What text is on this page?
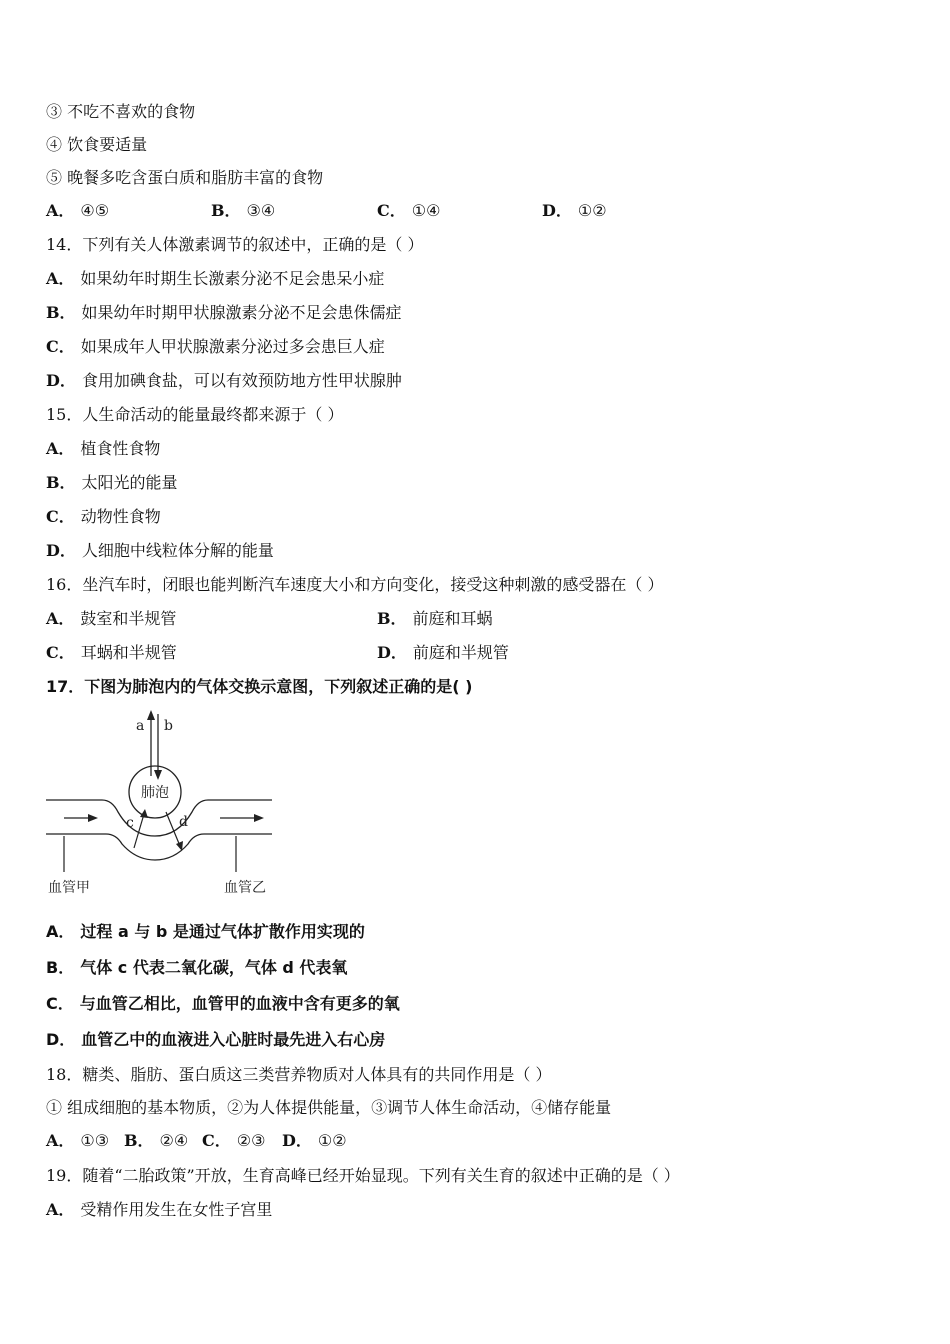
③ 不吃不喜欢的食物
④ 饮食要适量
⑤ 晚餐多吃含蛋白质和脂肪丰富的食物
A． ④⑤	B． ③④	C． ①④	D． ①②
14．下列有关人体激素调节的叙述中，正确的是（ ）
A． 如果幼年时期生长激素分泌不足会患呆小症
B． 如果幼年时期甲状腺激素分泌不足会患侏儒症
C． 如果成年人甲状腺激素分泌过多会患巨人症
D． 食用加碘食盐，可以有效预防地方性甲状腺肿
15．人生命活动的能量最终都来源于（ ）
A． 植食性食物
B． 太阳光的能量
C． 动物性食物
D． 人细胞中线粒体分解的能量
16．坐汽车时，闭眼也能判断汽车速度大小和方向变化，接受这种刺激的感受器在（ ）
A． 鼓室和半规管	B． 前庭和耳蜗
C． 耳蜗和半规管	D． 前庭和半规管
17．下图为肺泡内的气体交换示意图，下列叙述正确的是( )
a b
肺泡
c	d
血管甲	血管乙
A． 过程 a 与 b 是通过气体扩散作用实现的
B． 气体 c 代表二氧化碳，气体 d 代表氧
C． 与血管乙相比，血管甲的血液中含有更多的氧
D． 血管乙中的血液进入心脏时最先进入右心房
18．糖类、脂肪、蛋白质这三类营养物质对人体具有的共同作用是（ ）
① 组成细胞的基本物质，②为人体提供能量，③调节人体生命活动，④储存能量
A． ①③ B． ②④ C． ②③ D． ①②
19．随着“二胎政策”开放，生育高峰已经开始显现。下列有关生育的叙述中正确的是（ ）
A． 受精作用发生在女性子宫里
